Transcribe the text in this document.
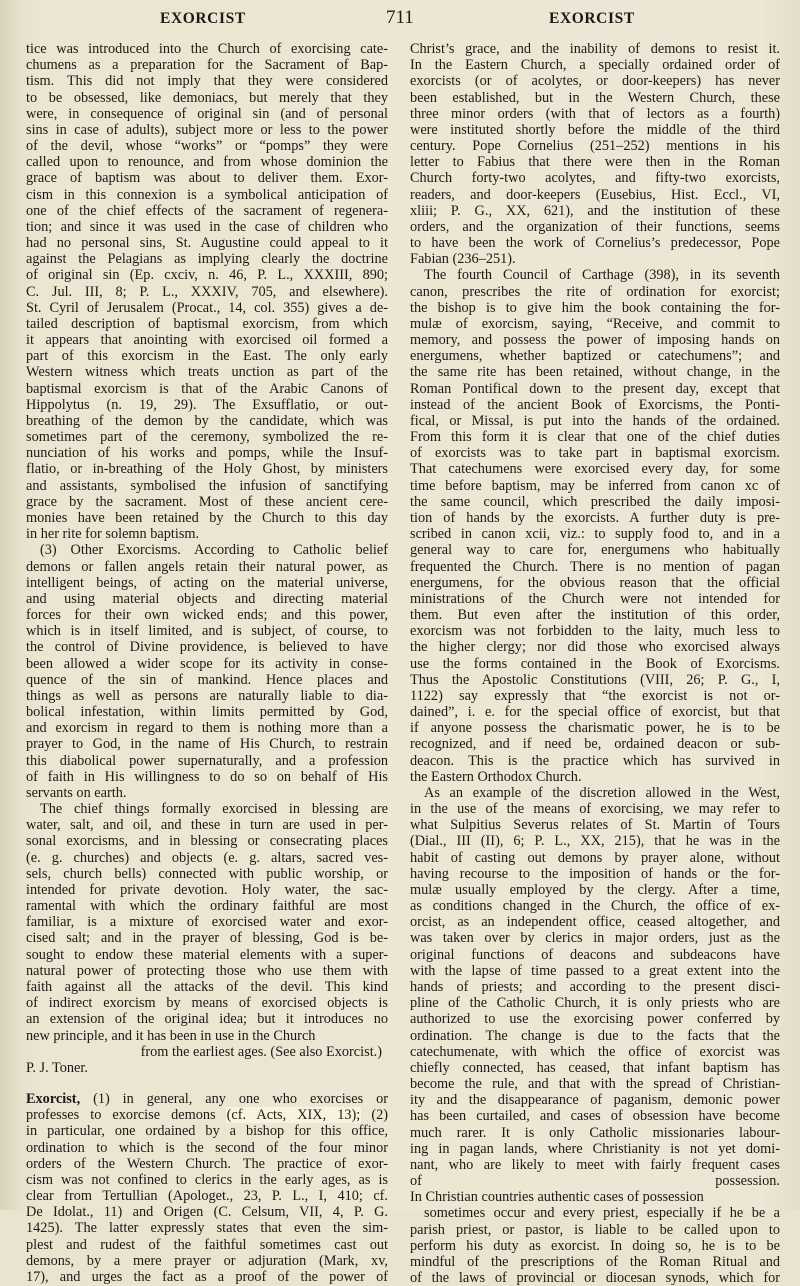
EXORCIST	711	EXORCIST
tice was introduced into the Church of exorcising cate-
chumens as a preparation for the Sacrament of Bap-
tism. This did not imply that they were considered
to be obsessed, like demoniacs, but merely that they
were, in consequence of original sin (and of personal
sins in case of adults), subject more or less to the power
of the devil, whose “works” or “pomps” they were
called upon to renounce, and from whose dominion the
grace of baptism was about to deliver them. Exor-
cism in this connexion is a symbolical anticipation of
one of the chief effects of the sacrament of regenera-
tion; and since it was used in the case of children who
had no personal sins, St. Augustine could appeal to it
against the Pelagians as implying clearly the doctrine
of original sin (Ep. cxciv, n. 46, P. L., XXXIII, 890;
C. Jul. III, 8; P. L., XXXIV, 705, and elsewhere).
St. Cyril of Jerusalem (Procat., 14, col. 355) gives a de-
tailed description of baptismal exorcism, from which
it appears that anointing with exorcised oil formed a
part of this exorcism in the East. The only early
Western witness which treats unction as part of the
baptismal exorcism is that of the Arabic Canons of
Hippolytus (n. 19, 29). The Exsufflatio, or out-
breathing of the demon by the candidate, which was
sometimes part of the ceremony, symbolized the re-
nunciation of his works and pomps, while the Insuf-
flatio, or in-breathing of the Holy Ghost, by ministers
and assistants, symbolised the infusion of sanctifying
grace by the sacrament. Most of these ancient cere-
monies have been retained by the Church to this day
in her rite for solemn baptism.
(3) Other Exorcisms. According to Catholic belief
demons or fallen angels retain their natural power, as
intelligent beings, of acting on the material universe,
and using material objects and directing material
forces for their own wicked ends; and this power,
which is in itself limited, and is subject, of course, to
the control of Divine providence, is believed to have
been allowed a wider scope for its activity in conse-
quence of the sin of mankind. Hence places and
things as well as persons are naturally liable to dia-
bolical infestation, within limits permitted by God,
and exorcism in regard to them is nothing more than a
prayer to God, in the name of His Church, to restrain
this diabolical power supernaturally, and a profession
of faith in His willingness to do so on behalf of His
servants on earth.
The chief things formally exorcised in blessing are
water, salt, and oil, and these in turn are used in per-
sonal exorcisms, and in blessing or consecrating places
(e. g. churches) and objects (e. g. altars, sacred ves-
sels, church bells) connected with public worship, or
intended for private devotion. Holy water, the sac-
ramental with which the ordinary faithful are most
familiar, is a mixture of exorcised water and exor-
cised salt; and in the prayer of blessing, God is be-
sought to endow these material elements with a super-
natural power of protecting those who use them with
faith against all the attacks of the devil. This kind
of indirect exorcism by means of exorcised objects is
an extension of the original idea; but it introduces no
new principle, and it has been in use in the Church
from the earliest ages. (See also Exorcist.)
P. J. Toner.
Exorcist, (1) in general, any one who exorcises or
professes to exorcise demons (cf. Acts, XIX, 13); (2)
in particular, one ordained by a bishop for this office,
ordination to which is the second of the four minor
orders of the Western Church. The practice of exor-
cism was not confined to clerics in the early ages, as is
clear from Tertullian (Apologet., 23, P. L., I, 410; cf.
De Idolat., 11) and Origen (C. Celsum, VII, 4, P. G.
1425). The latter expressly states that even the sim-
plest and rudest of the faithful sometimes cast out
demons, by a mere prayer or adjuration (Mark, xv,
17), and urges the fact as a proof of the power of
Christ’s grace, and the inability of demons to resist it.
In the Eastern Church, a specially ordained order of
exorcists (or of acolytes, or door-keepers) has never
been established, but in the Western Church, these
three minor orders (with that of lectors as a fourth)
were instituted shortly before the middle of the third
century. Pope Cornelius (251–252) mentions in his
letter to Fabius that there were then in the Roman
Church forty-two acolytes, and fifty-two exorcists,
readers, and door-keepers (Eusebius, Hist. Eccl., VI,
xliii; P. G., XX, 621), and the institution of these
orders, and the organization of their functions, seems
to have been the work of Cornelius’s predecessor, Pope
Fabian (236–251).
The fourth Council of Carthage (398), in its seventh
canon, prescribes the rite of ordination for exorcist;
the bishop is to give him the book containing the for-
mulæ of exorcism, saying, “Receive, and commit to
memory, and possess the power of imposing hands on
energumens, whether baptized or catechumens”; and
the same rite has been retained, without change, in the
Roman Pontifical down to the present day, except that
instead of the ancient Book of Exorcisms, the Ponti-
fical, or Missal, is put into the hands of the ordained.
From this form it is clear that one of the chief duties
of exorcists was to take part in baptismal exorcism.
That catechumens were exorcised every day, for some
time before baptism, may be inferred from canon xc of
the same council, which prescribed the daily imposi-
tion of hands by the exorcists. A further duty is pre-
scribed in canon xcii, viz.: to supply food to, and in a
general way to care for, energumens who habitually
frequented the Church. There is no mention of pagan
energumens, for the obvious reason that the official
ministrations of the Church were not intended for
them. But even after the institution of this order,
exorcism was not forbidden to the laity, much less to
the higher clergy; nor did those who exorcised always
use the forms contained in the Book of Exorcisms.
Thus the Apostolic Constitutions (VIII, 26; P. G., I,
1122) say expressly that “the exorcist is not or-
dained”, i. e. for the special office of exorcist, but that
if anyone possess the charismatic power, he is to be
recognized, and if need be, ordained deacon or sub-
deacon. This is the practice which has survived in
the Eastern Orthodox Church.
As an example of the discretion allowed in the West,
in the use of the means of exorcising, we may refer to
what Sulpitius Severus relates of St. Martin of Tours
(Dial., III (II), 6; P. L., XX, 215), that he was in the
habit of casting out demons by prayer alone, without
having recourse to the imposition of hands or the for-
mulæ usually employed by the clergy. After a time,
as conditions changed in the Church, the office of ex-
orcist, as an independent office, ceased altogether, and
was taken over by clerics in major orders, just as the
original functions of deacons and subdeacons have
with the lapse of time passed to a great extent into the
hands of priests; and according to the present disci-
pline of the Catholic Church, it is only priests who are
authorized to use the exorcising power conferred by
ordination. The change is due to the facts that the
catechumenate, with which the office of exorcist was
chiefly connected, has ceased, that infant baptism has
become the rule, and that with the spread of Christian-
ity and the disappearance of paganism, demonic power
has been curtailed, and cases of obsession have become
much rarer. It is only Catholic missionaries labour-
ing in pagan lands, where Christianity is not yet domi-
nant, who are likely to meet with fairly frequent cases
of possession.
In Christian countries authentic cases of possession
sometimes occur and every priest, especially if he be a
parish priest, or pastor, is liable to be called upon to
perform his duty as exorcist. In doing so, he is to be
mindful of the prescriptions of the Roman Ritual and
of the laws of provincial or diocesan synods, which for
